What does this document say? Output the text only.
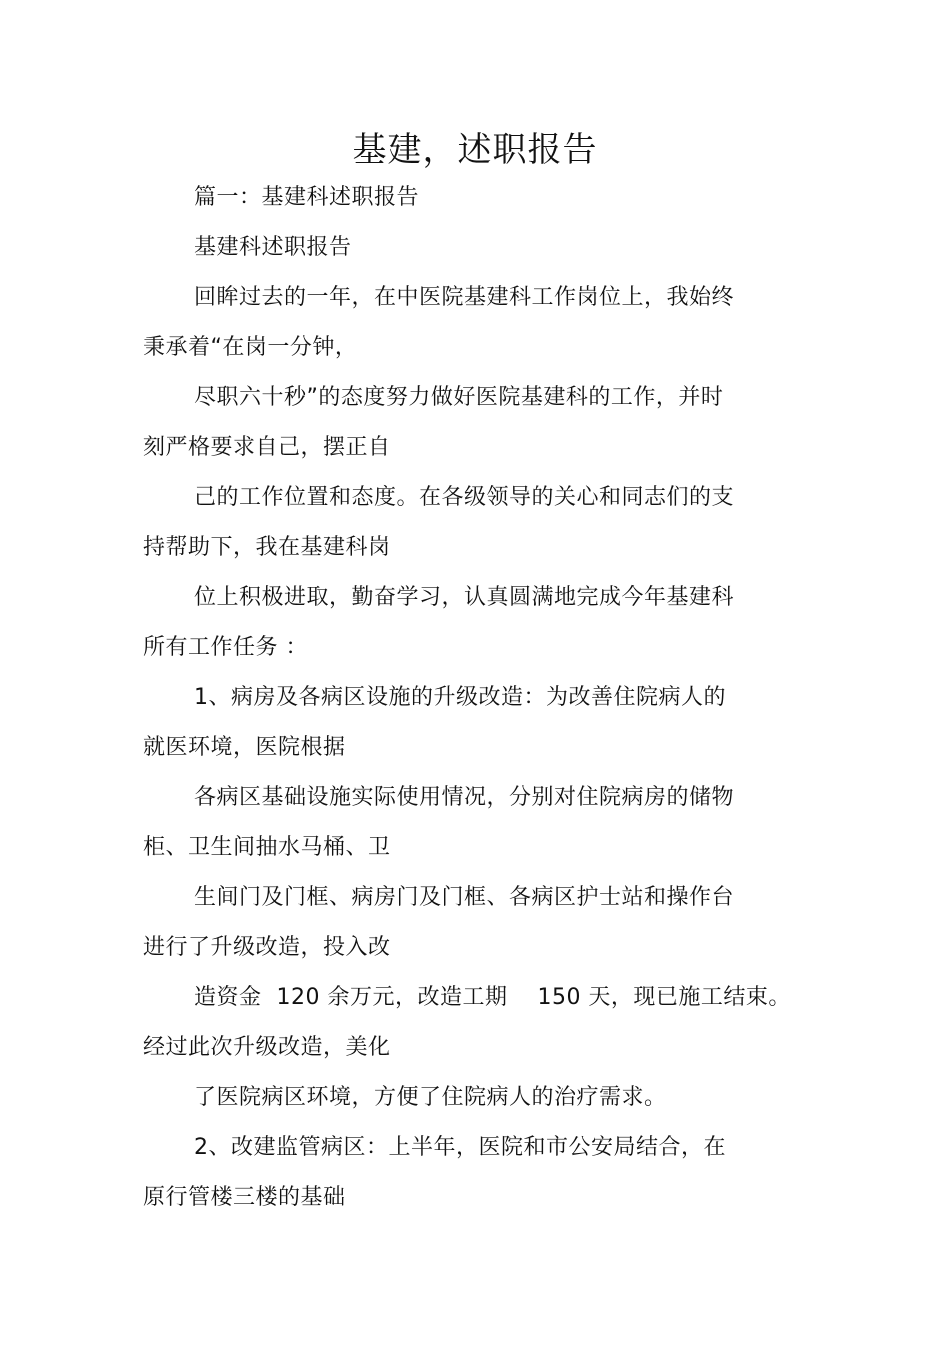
基建，述职报告
篇一：基建科述职报告
基建科述职报告
回眸过去的一年，在中医院基建科工作岗位上，我始终
秉承着“在岗一分钟，
尽职六十秒”的态度努力做好医院基建科的工作，并时
刻严格要求自己，摆正自
己的工作位置和态度。在各级领导的关心和同志们的支
持帮助下，我在基建科岗
位上积极进取，勤奋学习，认真圆满地完成今年基建科
所有工作任务 ：
1、病房及各病区设施的升级改造：为改善住院病人的
就医环境，医院根据
各病区基础设施实际使用情况，分别对住院病房的储物
柜、卫生间抽水马桶、卫
生间门及门框、病房门及门框、各病区护士站和操作台
进行了升级改造，投入改
造资金  120 余万元，改造工期    150 天，现已施工结束。
经过此次升级改造，美化
了医院病区环境，方便了住院病人的治疗需求。
2、改建监管病区：上半年，医院和市公安局结合，在
原行管楼三楼的基础
